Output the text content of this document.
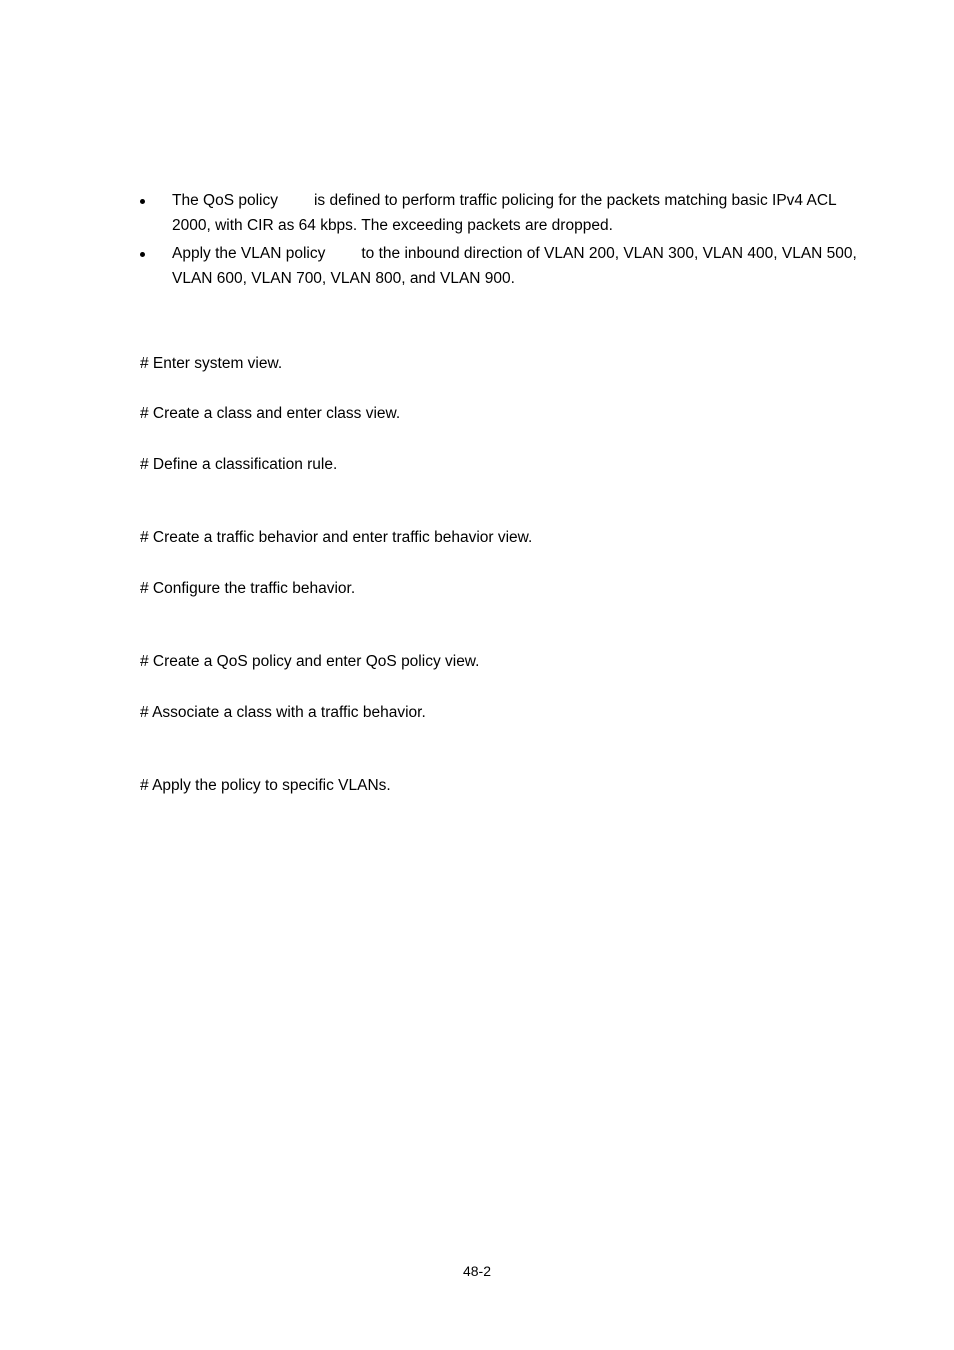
The QoS policy is defined to perform traffic policing for the packets matching basic IPv4 ACL 2000, with CIR as 64 kbps. The exceeding packets are dropped.
Apply the VLAN policy to the inbound direction of VLAN 200, VLAN 300, VLAN 400, VLAN 500, VLAN 600, VLAN 700, VLAN 800, and VLAN 900.
# Enter system view.
# Create a class and enter class view.
# Define a classification rule.
# Create a traffic behavior and enter traffic behavior view.
# Configure the traffic behavior.
# Create a QoS policy and enter QoS policy view.
# Associate a class with a traffic behavior.
# Apply the policy to specific VLANs.
48-2
